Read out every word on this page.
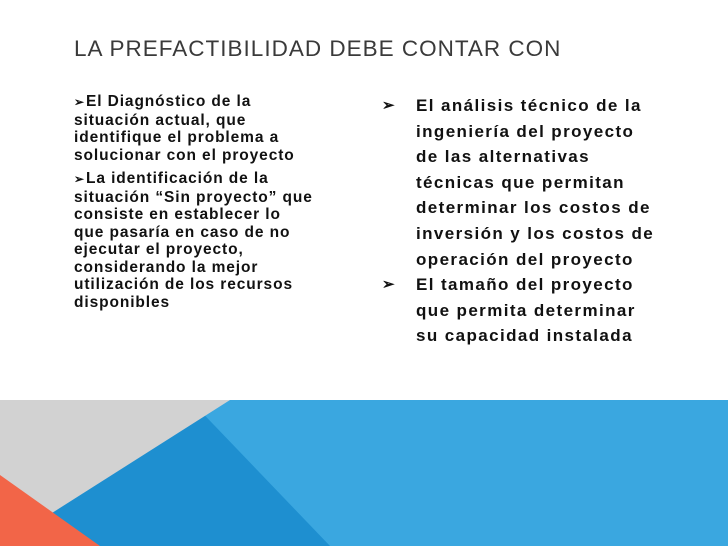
LA PREFACTIBILIDAD DEBE CONTAR CON
➢El Diagnóstico de la situación actual, que identifique el problema a solucionar con el proyecto
➢La identificación de la situación “Sin proyecto” que consiste en establecer lo que pasaría en caso de no ejecutar el proyecto, considerando la mejor utilización de los recursos disponibles
➢ El análisis técnico de la ingeniería del proyecto de las alternativas técnicas que permitan determinar los costos de inversión y los costos de operación del proyecto
➢ El tamaño del proyecto que permita determinar su capacidad instalada
